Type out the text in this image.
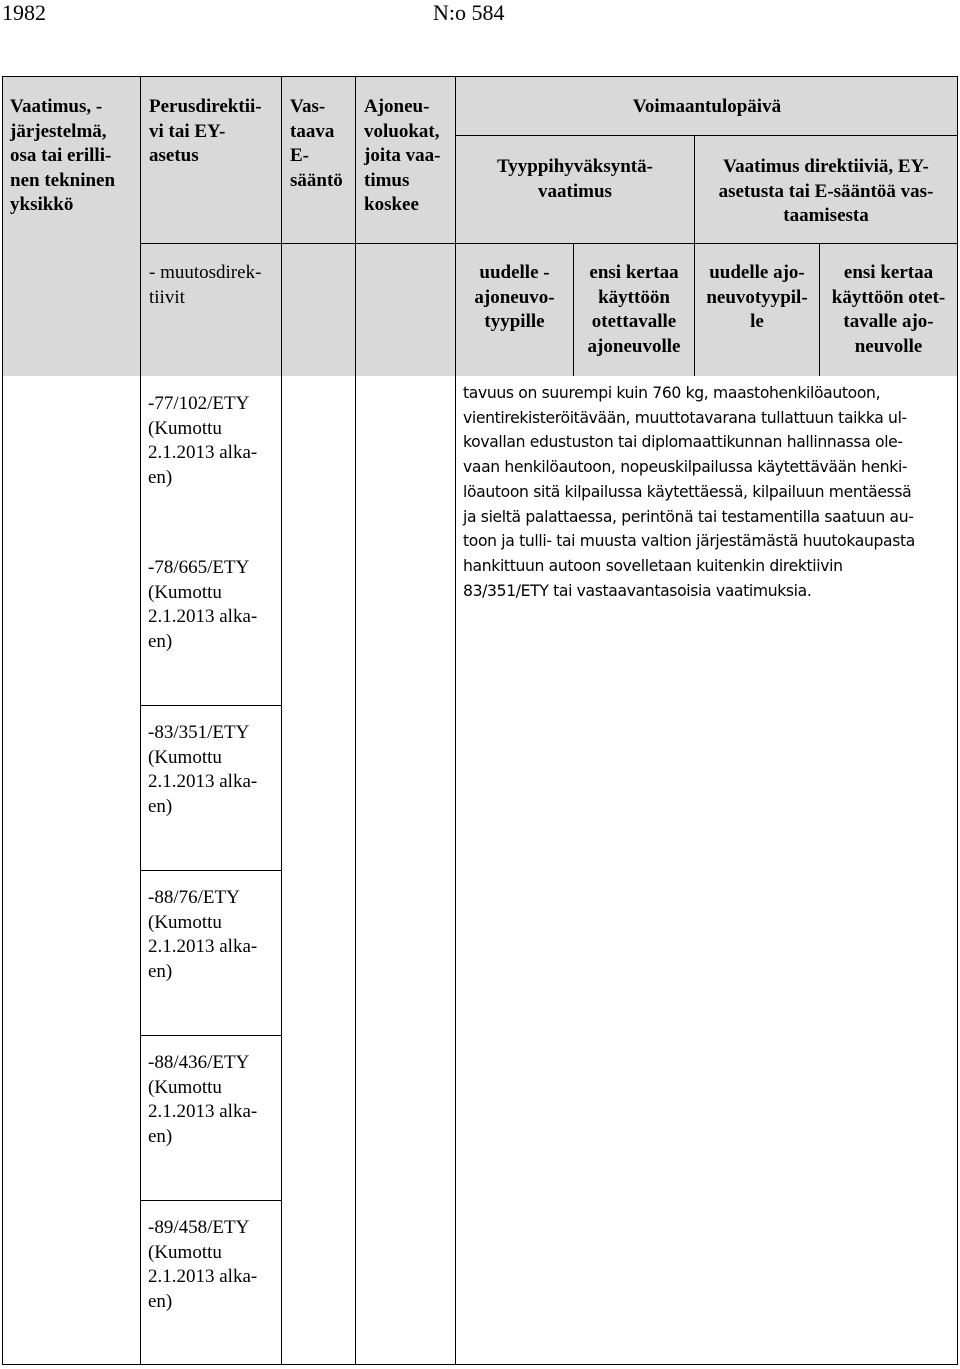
1982	N:o 584
Vaatimus, -
järjestelmä,
osa tai erilli-
nen tekninen
yksikkö
Perusdirektii-
vi tai EY-
asetus
Vas-
taava
E-
sääntö
Ajoneu-
voluokat,
joita vaa-
timus
koskee
Voimaantulopäivä
Tyyppihyväksyntä-
vaatimus
Vaatimus direktiiviä, EY-
asetusta tai E-sääntöä vas-
taamisesta
- muutosdirek-
tiivit
uudelle -
ajoneuvo-
tyypille
ensi kertaa
käyttöön
otettavalle
ajoneuvolle
uudelle ajo-
neuvotyypil-
le
ensi kertaa
käyttöön otet-
tavalle ajo-
neuvolle
-77/102/ETY
(Kumottu
2.1.2013 alka-
en)
-78/665/ETY
(Kumottu
2.1.2013 alka-
en)
-83/351/ETY
(Kumottu
2.1.2013 alka-
en)
-88/76/ETY
(Kumottu
2.1.2013 alka-
en)
-88/436/ETY
(Kumottu
2.1.2013 alka-
en)
-89/458/ETY
(Kumottu
2.1.2013 alka-
en)
tavuus on suurempi kuin 760 kg, maastohenkilöautoon,
vientirekisteröitävään, muuttotavarana tullattuun taikka ul-
kovallan edustuston tai diplomaattikunnan hallinnassa ole-
vaan henkilöautoon, nopeuskilpailussa käytettävään henki-
löautoon sitä kilpailussa käytettäessä, kilpailuun mentäessä
ja sieltä palattaessa, perintönä tai testamentilla saatuun au-
toon ja tulli- tai muusta valtion järjestämästä huutokaupasta
hankittuun autoon sovelletaan kuitenkin direktiivin
83/351/ETY tai vastaavantasoisia vaatimuksia.
